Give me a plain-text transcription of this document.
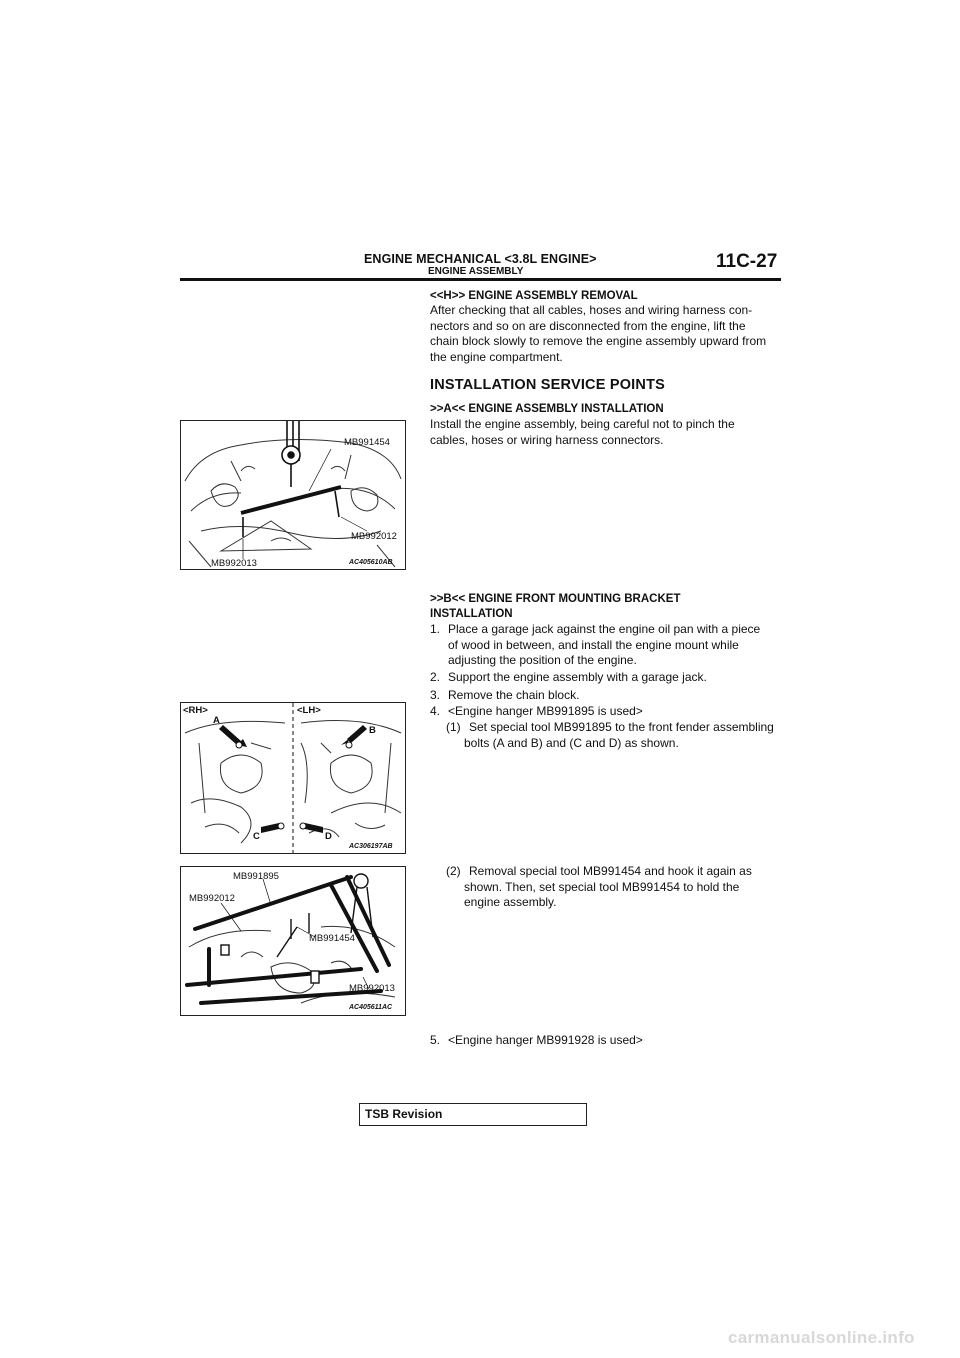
ENGINE MECHANICAL <3.8L ENGINE>
ENGINE ASSEMBLY	11C-27
<<H>> ENGINE ASSEMBLY REMOVAL
After checking that all cables, hoses and wiring harness con-
nectors and so on are disconnected from the engine, lift the
chain block slowly to remove the engine assembly upward from
the engine compartment.
INSTALLATION SERVICE POINTS
>>A<< ENGINE ASSEMBLY INSTALLATION
Install the engine assembly, being careful not to pinch the
cables, hoses or wiring harness connectors.
MB991454
MB992012
MB992013	AC405610AB
>>B<< ENGINE FRONT MOUNTING BRACKET
INSTALLATION
1. Place a garage jack against the engine oil pan with a piece
of wood in between, and install the engine mount while
adjusting the position of the engine.
2. Support the engine assembly with a garage jack.
3. Remove the chain block.
4. <Engine hanger MB991895 is used>
(1) Set special tool MB991895 to the front fender assembling
bolts (A and B) and (C and D) as shown.
<RH>	<LH>
A
B
C	D
AC306197AB
MB991895
MB992012
MB991454
MB992013
AC405611AC
(2) Removal special tool MB991454 and hook it again as
shown. Then, set special tool MB991454 to hold the
engine assembly.
5. <Engine hanger MB991928 is used>
TSB Revision
carmanualsonline.info
